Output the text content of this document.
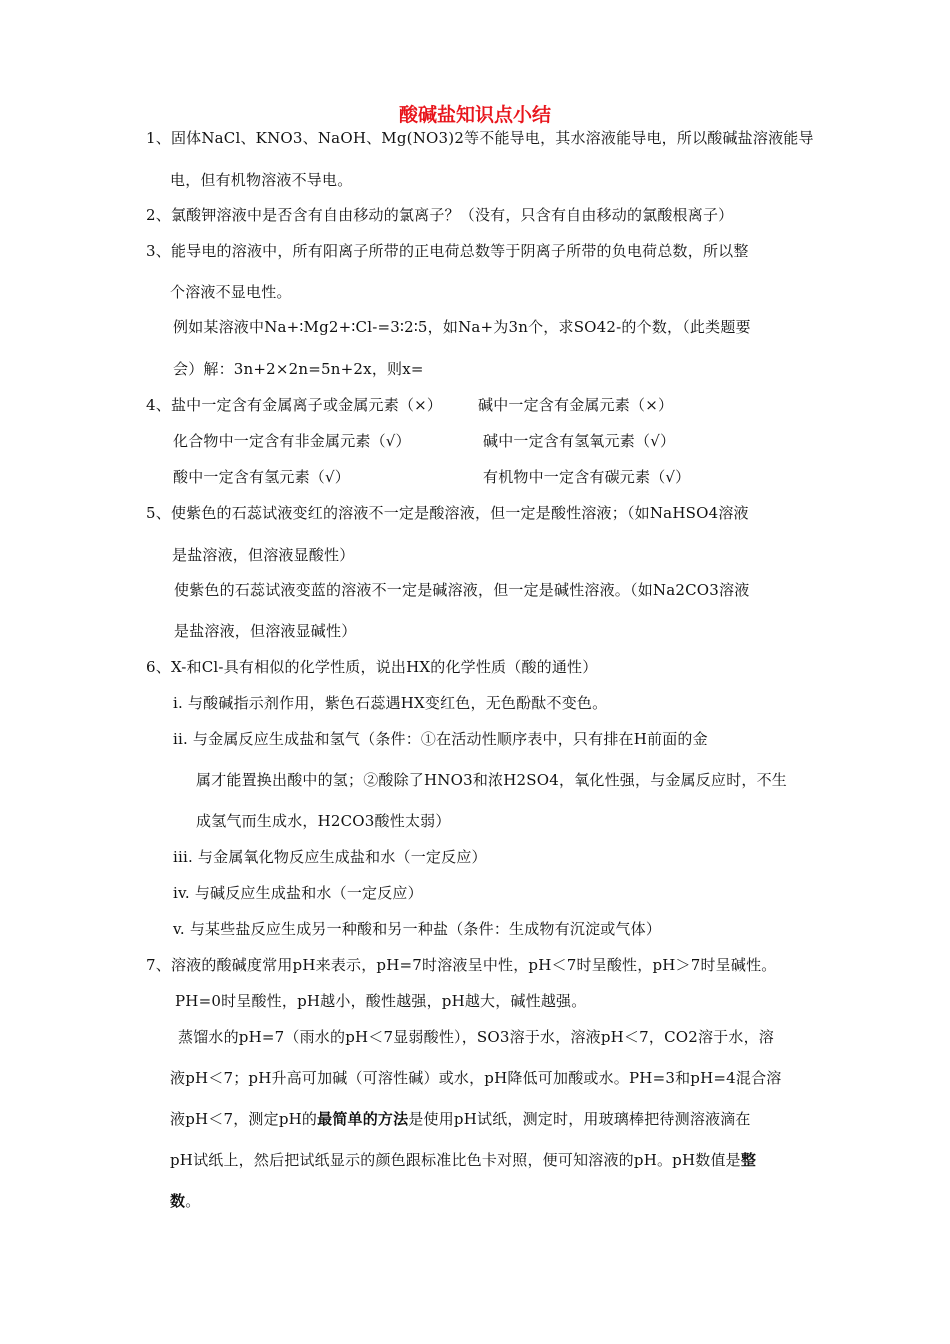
酸碱盐知识点小结
1、固体NaCl、KNO3、NaOH、Mg(NO3)2等不能导电，其水溶液能导电，所以酸碱盐溶液能导
电，但有机物溶液不导电。
2、氯酸钾溶液中是否含有自由移动的氯离子？（没有，只含有自由移动的氯酸根离子）
3、能导电的溶液中，所有阳离子所带的正电荷总数等于阴离子所带的负电荷总数，所以整
个溶液不显电性。
例如某溶液中Na+∶Mg2+∶Cl-=3∶2∶5，如Na+为3n个，求SO42-的个数，（此类题要
会）解：3n+2×2n=5n+2x，则x=
4、盐中一定含有金属离子或金属元素（×） 碱中一定含有金属元素（×）
化合物中一定含有非金属元素（√）	碱中一定含有氢氧元素（√）
酸中一定含有氢元素（√）	有机物中一定含有碳元素（√）
5、使紫色的石蕊试液变红的溶液不一定是酸溶液，但一定是酸性溶液；（如NaHSO4溶液
是盐溶液，但溶液显酸性）
使紫色的石蕊试液变蓝的溶液不一定是碱溶液，但一定是碱性溶液。（如Na2CO3溶液
是盐溶液，但溶液显碱性）
6、X-和Cl-具有相似的化学性质，说出HX的化学性质（酸的通性）
i. 与酸碱指示剂作用，紫色石蕊遇HX变红色，无色酚酞不变色。
ii. 与金属反应生成盐和氢气（条件：①在活动性顺序表中，只有排在H前面的金
属才能置换出酸中的氢；②酸除了HNO3和浓H2SO4，氧化性强，与金属反应时，不生
成氢气而生成水，H2CO3酸性太弱）
iii. 与金属氧化物反应生成盐和水（一定反应）
iv. 与碱反应生成盐和水（一定反应）
v. 与某些盐反应生成另一种酸和另一种盐（条件：生成物有沉淀或气体）
7、溶液的酸碱度常用pH来表示，pH=7时溶液呈中性，pH＜7时呈酸性，pH＞7时呈碱性。
PH=0时呈酸性，pH越小，酸性越强，pH越大，碱性越强。
蒸馏水的pH=7（雨水的pH＜7显弱酸性），SO3溶于水，溶液pH＜7，CO2溶于水，溶
液pH＜7；pH升高可加碱（可溶性碱）或水，pH降低可加酸或水。PH=3和pH=4混合溶
液pH＜7，测定pH的最简单的方法是使用pH试纸，测定时，用玻璃棒把待测溶液滴在
pH试纸上，然后把试纸显示的颜色跟标准比色卡对照，便可知溶液的pH。pH数值是整
数。
